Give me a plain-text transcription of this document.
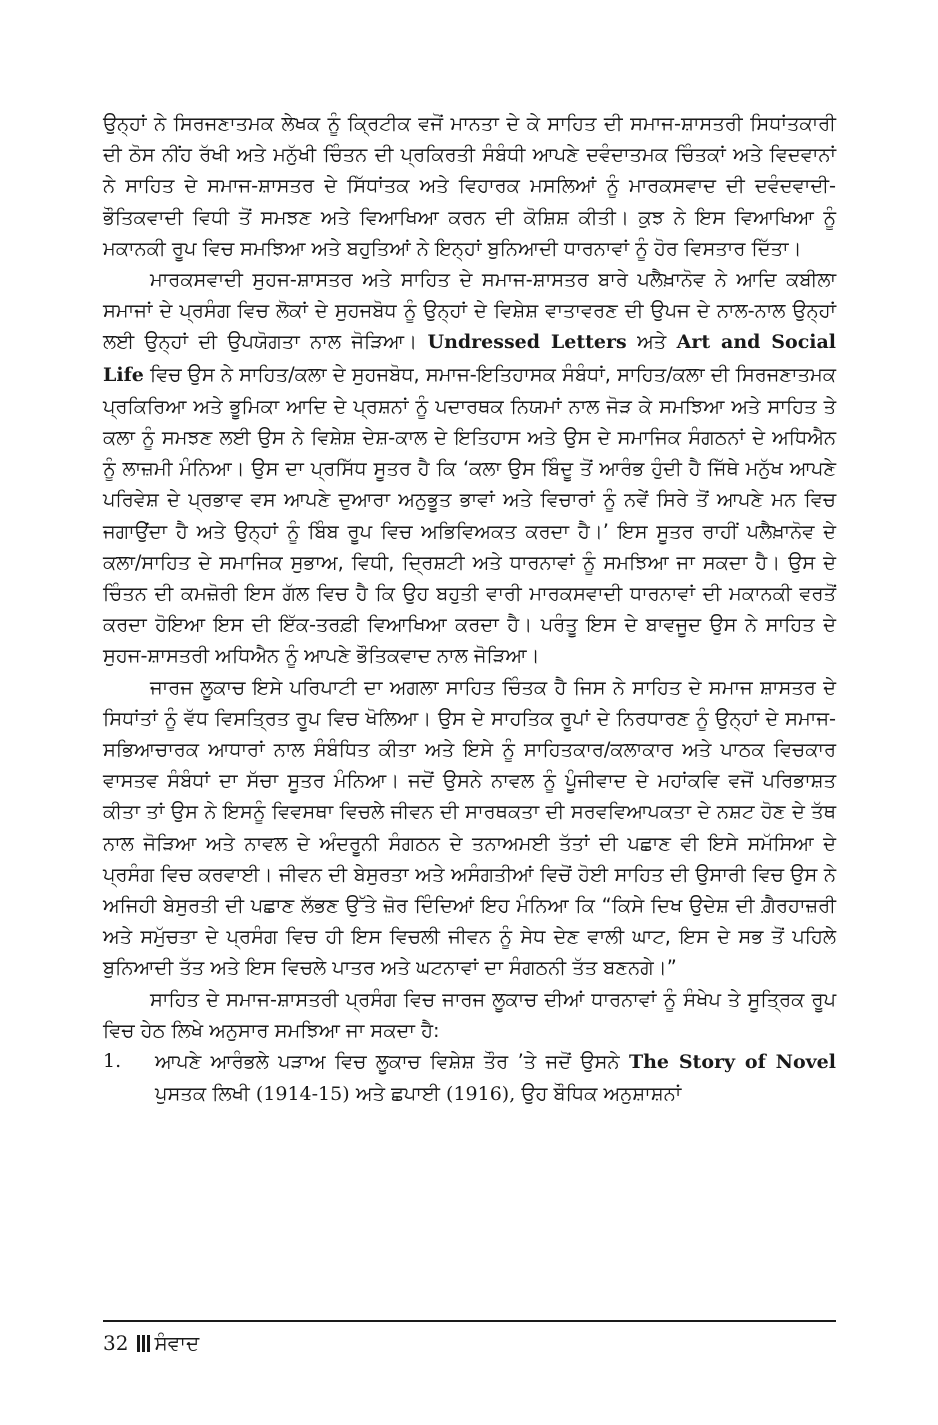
ਉਨ੍ਹਾਂ ਨੇ ਸਿਰਜਣਾਤਮਕ ਲੇਖਕ ਨੂੰ ਕ੍ਰਿਟੀਕ ਵਜੋਂ ਮਾਨਤਾ ਦੇ ਕੇ ਸਾਹਿਤ ਦੀ ਸਮਾਜ-ਸ਼ਾਸਤਰੀ ਸਿਧਾਂਤਕਾਰੀ ਦੀ ਠੋਸ ਨੀਂਹ ਰੱਖੀ ਅਤੇ ਮਨੁੱਖੀ ਚਿੰਤਨ ਦੀ ਪ੍ਰਕਿਰਤੀ ਸੰਬੰਧੀ ਆਪਣੇ ਦਵੰਦਾਤਮਕ ਚਿੰਤਕਾਂ ਅਤੇ ਵਿਦਵਾਨਾਂ ਨੇ ਸਾਹਿਤ ਦੇ ਸਮਾਜ-ਸ਼ਾਸਤਰ ਦੇ ਸਿੱਧਾਂਤਕ ਅਤੇ ਵਿਹਾਰਕ ਮਸਲਿਆਂ ਨੂੰ ਮਾਰਕਸਵਾਦ ਦੀ ਦਵੰਦਵਾਦੀ-ਭੌਤਿਕਵਾਦੀ ਵਿਧੀ ਤੋਂ ਸਮਝਣ ਅਤੇ ਵਿਆਖਿਆ ਕਰਨ ਦੀ ਕੋਸ਼ਿਸ਼ ਕੀਤੀ। ਕੁਝ ਨੇ ਇਸ ਵਿਆਖਿਆ ਨੂੰ ਮਕਾਨਕੀ ਰੂਪ ਵਿਚ ਸਮਝਿਆ ਅਤੇ ਬਹੁਤਿਆਂ ਨੇ ਇਨ੍ਹਾਂ ਬੁਨਿਆਦੀ ਧਾਰਨਾਵਾਂ ਨੂੰ ਹੋਰ ਵਿਸਤਾਰ ਦਿੱਤਾ।

ਮਾਰਕਸਵਾਦੀ ਸੁਹਜ-ਸ਼ਾਸਤਰ ਅਤੇ ਸਾਹਿਤ ਦੇ ਸਮਾਜ-ਸ਼ਾਸਤਰ ਬਾਰੇ ਪਲੈਖ਼ਾਨੋਵ ਨੇ ਆਦਿ ਕਬੀਲਾ ਸਮਾਜਾਂ ਦੇ ਪ੍ਰਸੰਗ ਵਿਚ ਲੋਕਾਂ ਦੇ ਸੁਹਜਬੋਧ ਨੂੰ ਉਨ੍ਹਾਂ ਦੇ ਵਿਸ਼ੇਸ਼ ਵਾਤਾਵਰਣ ਦੀ ਉਪਜ ਦੇ ਨਾਲ-ਨਾਲ ਉਨ੍ਹਾਂ ਲਈ ਉਨ੍ਹਾਂ ਦੀ ਉਪਯੋਗਤਾ ਨਾਲ ਜੋੜਿਆ। Undressed Letters ਅਤੇ Art and Social Life ਵਿਚ ਉਸ ਨੇ ਸਾਹਿਤ/ਕਲਾ ਦੇ ਸੁਹਜਬੋਧ, ਸਮਾਜ-ਇਤਿਹਾਸਕ ਸੰਬੰਧਾਂ, ਸਾਹਿਤ/ਕਲਾ ਦੀ ਸਿਰਜਣਾਤਮਕ ਪ੍ਰਕਿਰਿਆ ਅਤੇ ਭੂਮਿਕਾ ਆਦਿ ਦੇ ਪ੍ਰਸ਼ਨਾਂ ਨੂੰ ਪਦਾਰਥਕ ਨਿਯਮਾਂ ਨਾਲ ਜੋੜ ਕੇ ਸਮਝਿਆ ਅਤੇ ਸਾਹਿਤ ਤੇ ਕਲਾ ਨੂੰ ਸਮਝਣ ਲਈ ਉਸ ਨੇ ਵਿਸ਼ੇਸ਼ ਦੇਸ਼-ਕਾਲ ਦੇ ਇਤਿਹਾਸ ਅਤੇ ਉਸ ਦੇ ਸਮਾਜਿਕ ਸੰਗਠਨਾਂ ਦੇ ਅਧਿਐਨ ਨੂੰ ਲਾਜ਼ਮੀ ਮੰਨਿਆ। ਉਸ ਦਾ ਪ੍ਰਸਿੱਧ ਸੂਤਰ ਹੈ ਕਿ ‘ਕਲਾ ਉਸ ਬਿੰਦੂ ਤੋਂ ਆਰੰਭ ਹੁੰਦੀ ਹੈ ਜਿੱਥੇ ਮਨੁੱਖ ਆਪਣੇ ਪਰਿਵੇਸ਼ ਦੇ ਪ੍ਰਭਾਵ ਵਸ ਆਪਣੇ ਦੁਆਰਾ ਅਨੁਭੂਤ ਭਾਵਾਂ ਅਤੇ ਵਿਚਾਰਾਂ ਨੂੰ ਨਵੇਂ ਸਿਰੇ ਤੋਂ ਆਪਣੇ ਮਨ ਵਿਚ ਜਗਾਉਂਦਾ ਹੈ ਅਤੇ ਉਨ੍ਹਾਂ ਨੂੰ ਬਿੰਬ ਰੂਪ ਵਿਚ ਅਭਿਵਿਅਕਤ ਕਰਦਾ ਹੈ।’ ਇਸ ਸੂਤਰ ਰਾਹੀਂ ਪਲੈਖ਼ਾਨੋਵ ਦੇ ਕਲਾ/ਸਾਹਿਤ ਦੇ ਸਮਾਜਿਕ ਸੁਭਾਅ, ਵਿਧੀ, ਦ੍ਰਿਸ਼ਟੀ ਅਤੇ ਧਾਰਨਾਵਾਂ ਨੂੰ ਸਮਝਿਆ ਜਾ ਸਕਦਾ ਹੈ। ਉਸ ਦੇ ਚਿੰਤਨ ਦੀ ਕਮਜ਼ੋਰੀ ਇਸ ਗੱਲ ਵਿਚ ਹੈ ਕਿ ਉਹ ਬਹੁਤੀ ਵਾਰੀ ਮਾਰਕਸਵਾਦੀ ਧਾਰਨਾਵਾਂ ਦੀ ਮਕਾਨਕੀ ਵਰਤੋਂ ਕਰਦਾ ਹੋਇਆ ਇਸ ਦੀ ਇੱਕ-ਤਰਫ਼ੀ ਵਿਆਖਿਆ ਕਰਦਾ ਹੈ। ਪਰੰਤੂ ਇਸ ਦੇ ਬਾਵਜੂਦ ਉਸ ਨੇ ਸਾਹਿਤ ਦੇ ਸੁਹਜ-ਸ਼ਾਸਤਰੀ ਅਧਿਐਨ ਨੂੰ ਆਪਣੇ ਭੌਤਿਕਵਾਦ ਨਾਲ ਜੋੜਿਆ।

ਜਾਰਜ ਲੂਕਾਚ ਇਸੇ ਪਰਿਪਾਟੀ ਦਾ ਅਗਲਾ ਸਾਹਿਤ ਚਿੰਤਕ ਹੈ ਜਿਸ ਨੇ ਸਾਹਿਤ ਦੇ ਸਮਾਜ ਸ਼ਾਸਤਰ ਦੇ ਸਿਧਾਂਤਾਂ ਨੂੰ ਵੱਧ ਵਿਸਤ੍ਰਿਤ ਰੂਪ ਵਿਚ ਖੋਲਿਆ। ਉਸ ਦੇ ਸਾਹਤਿਕ ਰੂਪਾਂ ਦੇ ਨਿਰਧਾਰਣ ਨੂੰ ਉਨ੍ਹਾਂ ਦੇ ਸਮਾਜ-ਸਭਿਆਚਾਰਕ ਆਧਾਰਾਂ ਨਾਲ ਸੰਬੰਧਿਤ ਕੀਤਾ ਅਤੇ ਇਸੇ ਨੂੰ ਸਾਹਿਤਕਾਰ/ਕਲਾਕਾਰ ਅਤੇ ਪਾਠਕ ਵਿਚਕਾਰ ਵਾਸਤਵ ਸੰਬੰਧਾਂ ਦਾ ਸੱਚਾ ਸੂਤਰ ਮੰਨਿਆ। ਜਦੋਂ ਉਸਨੇ ਨਾਵਲ ਨੂੰ ਪੂੰਜੀਵਾਦ ਦੇ ਮਹਾਂਕਵਿ ਵਜੋਂ ਪਰਿਭਾਸ਼ਤ ਕੀਤਾ ਤਾਂ ਉਸ ਨੇ ਇਸਨੂੰ ਵਿਵਸਥਾ ਵਿਚਲੇ ਜੀਵਨ ਦੀ ਸਾਰਥਕਤਾ ਦੀ ਸਰਵਵਿਆਪਕਤਾ ਦੇ ਨਸ਼ਟ ਹੋਣ ਦੇ ਤੱਥ ਨਾਲ ਜੋੜਿਆ ਅਤੇ ਨਾਵਲ ਦੇ ਅੰਦਰੂਨੀ ਸੰਗਠਨ ਦੇ ਤਨਾਅਮਈ ਤੱਤਾਂ ਦੀ ਪਛਾਣ ਵੀ ਇਸੇ ਸਮੱਸਿਆ ਦੇ ਪ੍ਰਸੰਗ ਵਿਚ ਕਰਵਾਈ। ਜੀਵਨ ਦੀ ਬੇਸੁਰਤਾ ਅਤੇ ਅਸੰਗਤੀਆਂ ਵਿਚੋਂ ਹੋਈ ਸਾਹਿਤ ਦੀ ਉਸਾਰੀ ਵਿਚ ਉਸ ਨੇ ਅਜਿਹੀ ਬੇਸੁਰਤੀ ਦੀ ਪਛਾਣ ਲੱਭਣ ਉੱਤੇ ਜ਼ੋਰ ਦਿੰਦਿਆਂ ਇਹ ਮੰਨਿਆ ਕਿ “ਕਿਸੇ ਦਿਖ ਉਦੇਸ਼ ਦੀ ਗ਼ੈਰਹਾਜ਼ਰੀ ਅਤੇ ਸਮੁੱਚਤਾ ਦੇ ਪ੍ਰਸੰਗ ਵਿਚ ਹੀ ਇਸ ਵਿਚਲੀ ਜੀਵਨ ਨੂੰ ਸੇਧ ਦੇਣ ਵਾਲੀ ਘਾਟ, ਇਸ ਦੇ ਸਭ ਤੋਂ ਪਹਿਲੇ ਬੁਨਿਆਦੀ ਤੱਤ ਅਤੇ ਇਸ ਵਿਚਲੇ ਪਾਤਰ ਅਤੇ ਘਟਨਾਵਾਂ ਦਾ ਸੰਗਠਨੀ ਤੱਤ ਬਣਨਗੇ।”

ਸਾਹਿਤ ਦੇ ਸਮਾਜ-ਸ਼ਾਸਤਰੀ ਪ੍ਰਸੰਗ ਵਿਚ ਜਾਰਜ ਲੂਕਾਚ ਦੀਆਂ ਧਾਰਨਾਵਾਂ ਨੂੰ ਸੰਖੇਪ ਤੇ ਸੂਤ੍ਰਿਕ ਰੂਪ ਵਿਚ ਹੇਠ ਲਿਖੇ ਅਨੁਸਾਰ ਸਮਝਿਆ ਜਾ ਸਕਦਾ ਹੈ:

1. ਆਪਣੇ ਆਰੰਭਲੇ ਪੜਾਅ ਵਿਚ ਲੂਕਾਚ ਵਿਸ਼ੇਸ਼ ਤੌਰ ’ਤੇ ਜਦੋਂ ਉਸਨੇ The Story of Novel ਪੁਸਤਕ ਲਿਖੀ (1914-15) ਅਤੇ ਛਪਾਈ (1916), ਉਹ ਬੌਧਿਕ ਅਨੁਸ਼ਾਸ਼ਨਾਂ

32 ਸੰਵਾਦ
